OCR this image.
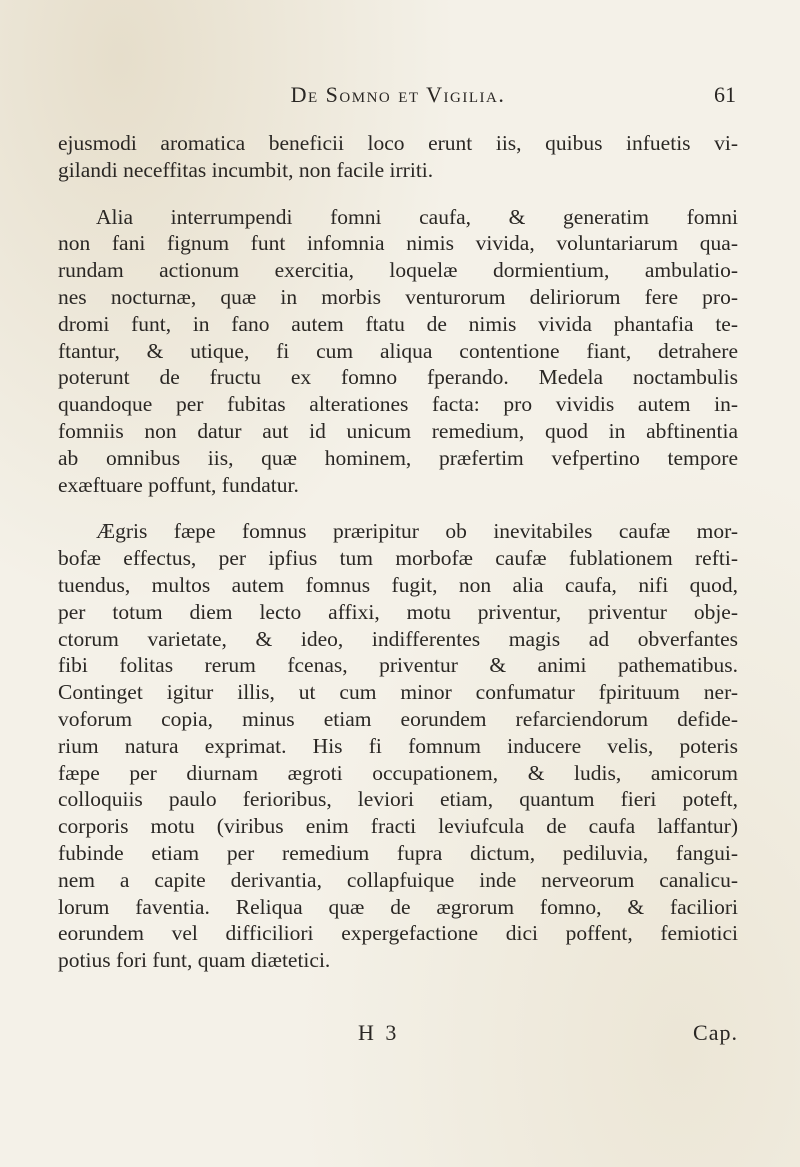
De Somno et Vigilia.	61

ejusmodi aromatica beneficii loco erunt iis, quibus infuetis vi-
gilandi neceffitas incumbit, non facile irriti.

Alia interrumpendi fomni caufa, & generatim fomni
non fani fignum funt infomnia nimis vivida, voluntariarum qua-
rundam actionum exercitia, loquelæ dormientium, ambulatio-
nes nocturnæ, quæ in morbis venturorum deliriorum fere pro-
dromi funt, in fano autem ftatu de nimis vivida phantafia te-
ftantur, & utique, fi cum aliqua contentione fiant, detrahere
poterunt de fructu ex fomno fperando. Medela noctambulis
quandoque per fubitas alterationes facta: pro vividis autem in-
fomniis non datur aut id unicum remedium, quod in abftinentia
ab omnibus iis, quæ hominem, præfertim vefpertino tempore
exæftuare poffunt, fundatur.

Ægris fæpe fomnus præripitur ob inevitabiles caufæ mor-
bofæ effectus, per ipfius tum morbofæ caufæ fublationem refti-
tuendus, multos autem fomnus fugit, non alia caufa, nifi quod,
per totum diem lecto affixi, motu priventur, priventur obje-
ctorum varietate, & ideo, indifferentes magis ad obverfantes
fibi folitas rerum fcenas, priventur & animi pathematibus.
Continget igitur illis, ut cum minor confumatur fpirituum ner-
voforum copia, minus etiam eorundem refarciendorum defide-
rium natura exprimat. His fi fomnum inducere velis, poteris
fæpe per diurnam ægroti occupationem, & ludis, amicorum
colloquiis paulo ferioribus, leviori etiam, quantum fieri poteft,
corporis motu (viribus enim fracti leviufcula de caufa laffantur)
fubinde etiam per remedium fupra dictum, pediluvia, fangui-
nem a capite derivantia, collapfuique inde nerveorum canalicu-
lorum faventia. Reliqua quæ de ægrorum fomno, & faciliori
eorundem vel difficiliori expergefactione dici poffent, femiotici
potius fori funt, quam diætetici.

H 3	Cap.
